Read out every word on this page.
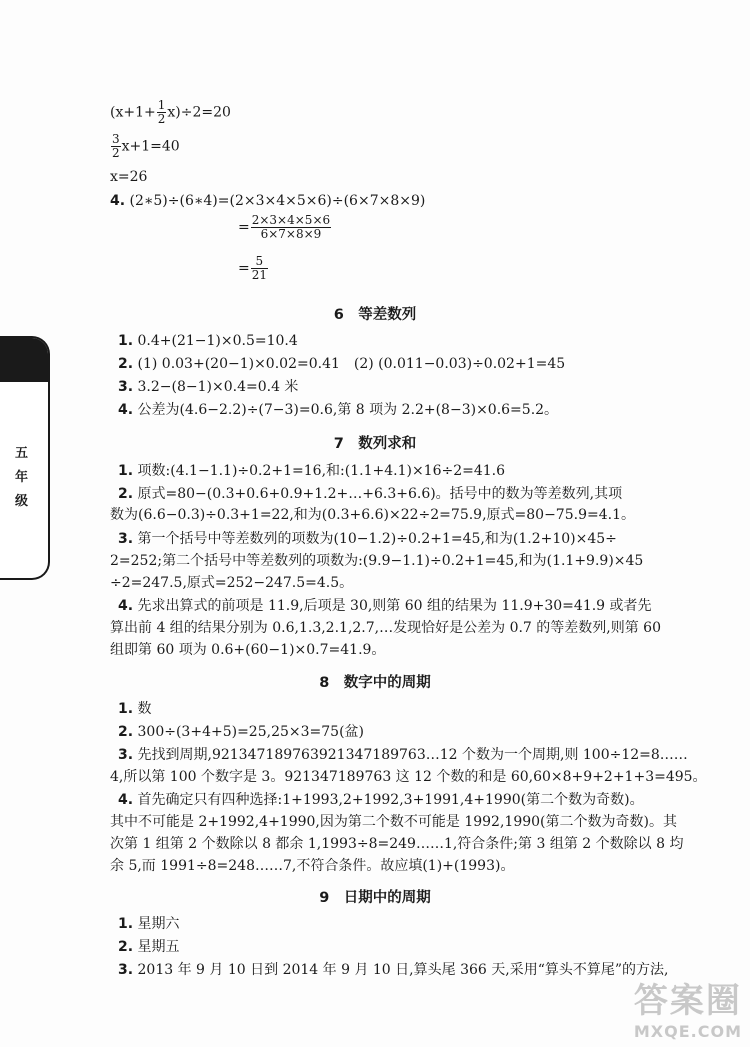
$(x+1+ \frac{1}{2} x)\div 2=20$
$\frac{3}{2} x+1=40$
x=26
4. (2∗5)÷(6∗4)=(2×3×4×5×6)÷(6×7×8×9)
= $\frac{2\times 3\times 4\times 5\times 6}{6\times 7\times 8\times 9}$
= $\frac{5}{21}$
6　等差数列
1. 0.4+(21−1)×0.5=10.4
2. (1) 0.03+(20−1)×0.02=0.41　(2) (0.011−0.03)÷0.02+1=45
3. 3.2−(8−1)×0.4=0.4 米
4. 公差为(4.6−2.2)÷(7−3)=0.6,第 8 项为 2.2+(8−3)×0.6=5.2。
7　数列求和
1. 项数:(4.1−1.1)÷0.2+1=16,和:(1.1+4.1)×16÷2=41.6
2. 原式=80−(0.3+0.6+0.9+1.2+…+6.3+6.6)。括号中的数为等差数列,其项
数为(6.6−0.3)÷0.3+1=22,和为(0.3+6.6)×22÷2=75.9,原式=80−75.9=4.1。
3. 第一个括号中等差数列的项数为(10−1.2)÷0.2+1=45,和为(1.2+10)×45÷
2=252;第二个括号中等差数列的项数为:(9.9−1.1)÷0.2+1=45,和为(1.1+9.9)×45
÷2=247.5,原式=252−247.5=4.5。
4. 先求出算式的前项是 11.9,后项是 30,则第 60 组的结果为 11.9+30=41.9 或者先
算出前 4 组的结果分别为 0.6,1.3,2.1,2.7,…发现恰好是公差为 0.7 的等差数列,则第 60
组即第 60 项为 0.6+(60−1)×0.7=41.9。
8　数字中的周期
1. 数
2. 300÷(3+4+5)=25,25×3=75(盆)
3. 先找到周期,921347189763921347189763…12 个数为一个周期,则 100÷12=8……
4,所以第 100 个数字是 3。921347189763 这 12 个数的和是 60,60×8+9+2+1+3=495。
4. 首先确定只有四种选择:1+1993,2+1992,3+1991,4+1990(第二个数为奇数)。
其中不可能是 2+1992,4+1990,因为第二个数不可能是 1992,1990(第二个数为奇数)。其
次第 1 组第 2 个数除以 8 都余 1,1993÷8=249……1,符合条件;第 3 组第 2 个数除以 8 均
余 5,而 1991÷8=248……7,不符合条件。故应填(1)+(1993)。
9　日期中的周期
1. 星期六
2. 星期五
3. 2013 年 9 月 10 日到 2014 年 9 月 10 日,算头尾 366 天,采用“算头不算尾”的方法,
五
年
级
答案圈
MXQE.COM
